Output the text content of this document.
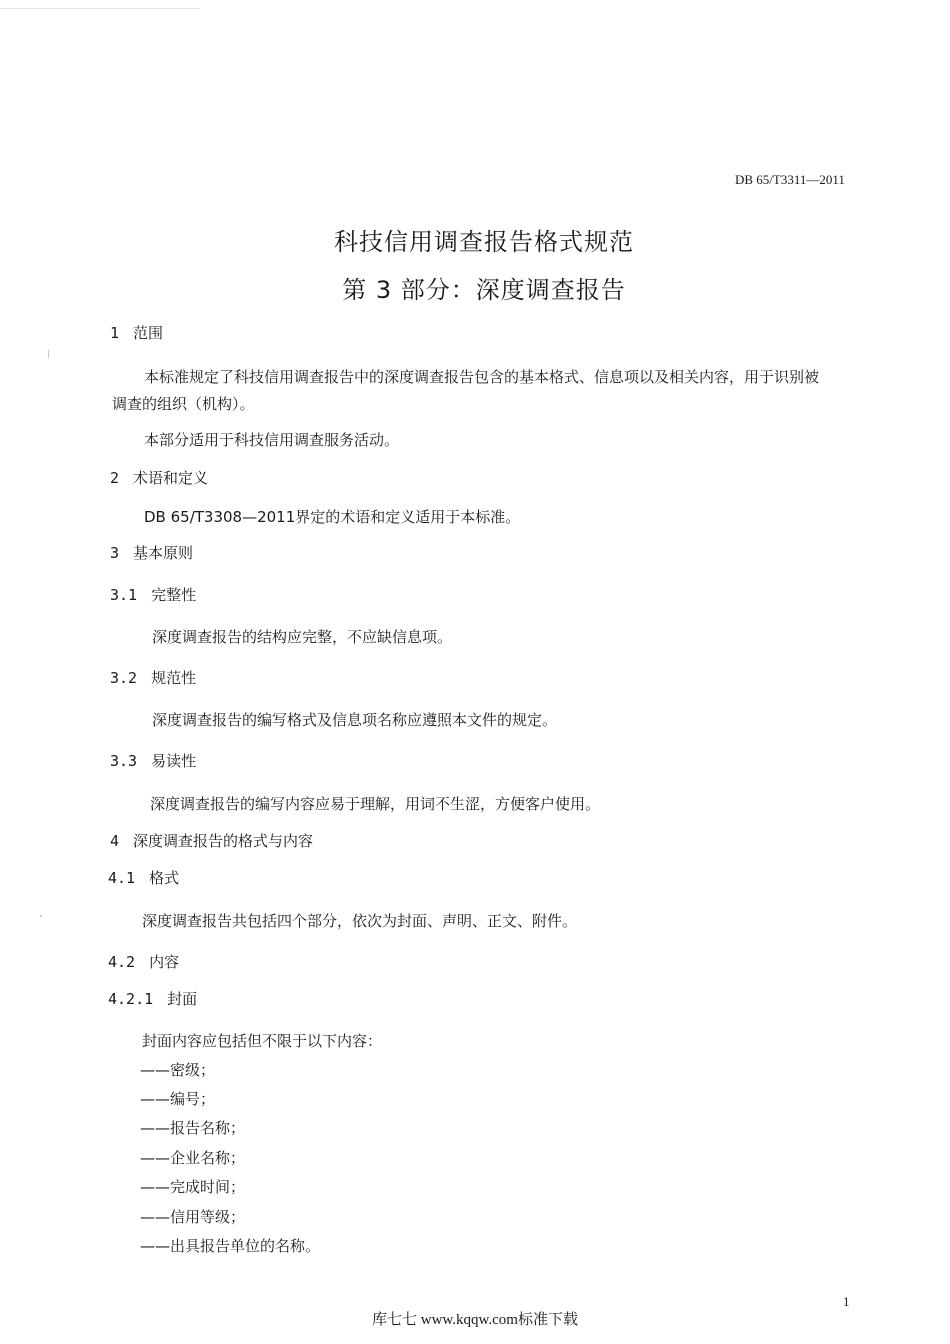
DB 65/T3311—2011
科技信用调查报告格式规范
第 3 部分：深度调查报告
1 范围
本标准规定了科技信用调查报告中的深度调查报告包含的基本格式、信息项以及相关内容，用于识别被调查的组织（机构）。
本部分适用于科技信用调查服务活动。
2 术语和定义
DB 65/T3308—2011界定的术语和定义适用于本标准。
3 基本原则
3.1 完整性
深度调查报告的结构应完整，不应缺信息项。
3.2 规范性
深度调查报告的编写格式及信息项名称应遵照本文件的规定。
3.3 易读性
深度调查报告的编写内容应易于理解，用词不生涩，方便客户使用。
4 深度调查报告的格式与内容
4.1 格式
深度调查报告共包括四个部分，依次为封面、声明、正文、附件。
4.2 内容
4.2.1 封面
封面内容应包括但不限于以下内容：
——密级；
——编号；
——报告名称；
——企业名称；
——完成时间；
——信用等级；
——出具报告单位的名称。
1
库七七 www.kqqw.com标准下载
